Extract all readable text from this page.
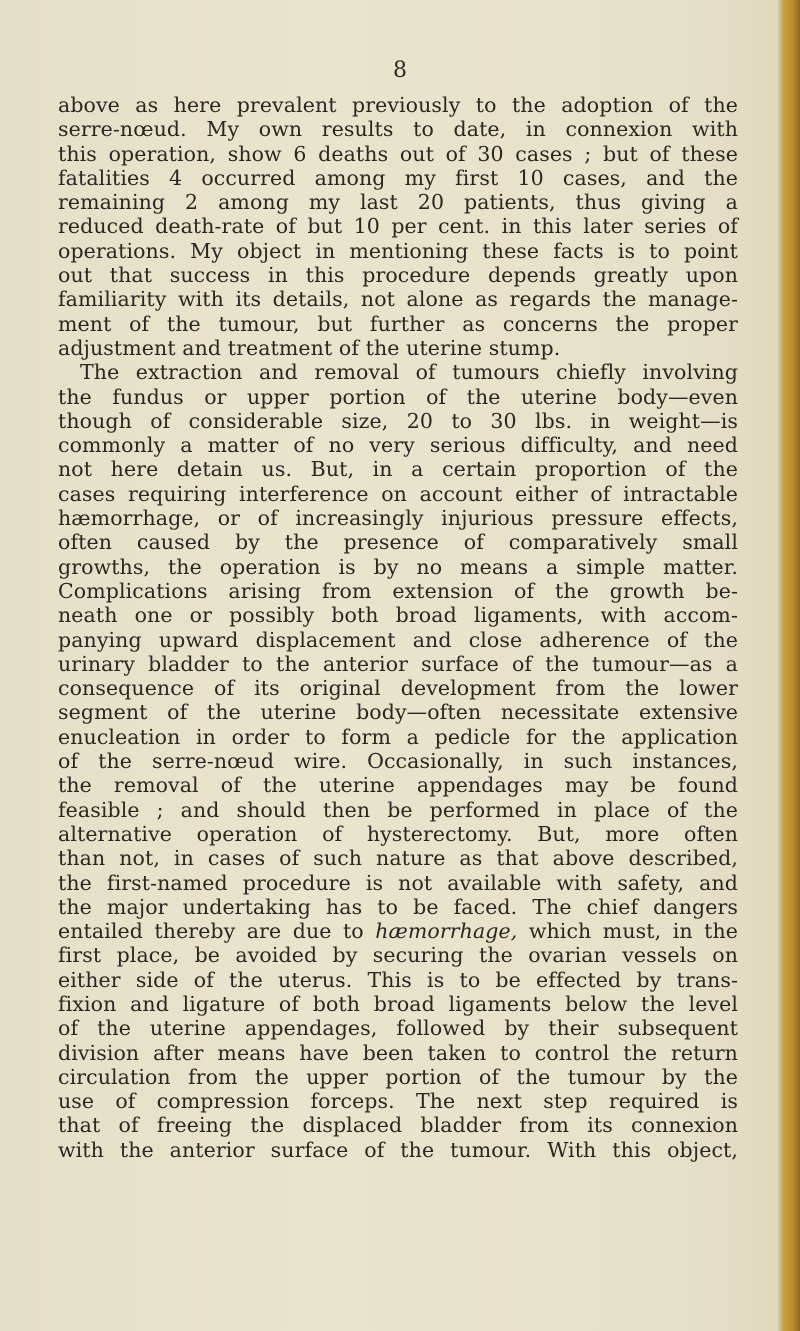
8
above as here prevalent previously to the adoption of the
serre-nœud. My own results to date, in connexion with
this operation, show 6 deaths out of 30 cases ; but of these
fatalities 4 occurred among my first 10 cases, and the
remaining 2 among my last 20 patients, thus giving a
reduced death-rate of but 10 per cent. in this later series of
operations. My object in mentioning these facts is to point
out that success in this procedure depends greatly upon
familiarity with its details, not alone as regards the manage-
ment of the tumour, but further as concerns the proper
adjustment and treatment of the uterine stump.
The extraction and removal of tumours chiefly involving
the fundus or upper portion of the uterine body—even
though of considerable size, 20 to 30 lbs. in weight—is
commonly a matter of no very serious difficulty, and need
not here detain us. But, in a certain proportion of the
cases requiring interference on account either of intractable
hæmorrhage, or of increasingly injurious pressure effects,
often caused by the presence of comparatively small
growths, the operation is by no means a simple matter.
Complications arising from extension of the growth be-
neath one or possibly both broad ligaments, with accom-
panying upward displacement and close adherence of the
urinary bladder to the anterior surface of the tumour—as a
consequence of its original development from the lower
segment of the uterine body—often necessitate extensive
enucleation in order to form a pedicle for the application
of the serre-nœud wire. Occasionally, in such instances,
the removal of the uterine appendages may be found
feasible ; and should then be performed in place of the
alternative operation of hysterectomy. But, more often
than not, in cases of such nature as that above described,
the first-named procedure is not available with safety, and
the major undertaking has to be faced. The chief dangers
entailed thereby are due to hæmorrhage, which must, in the
first place, be avoided by securing the ovarian vessels on
either side of the uterus. This is to be effected by trans-
fixion and ligature of both broad ligaments below the level
of the uterine appendages, followed by their subsequent
division after means have been taken to control the return
circulation from the upper portion of the tumour by the
use of compression forceps. The next step required is
that of freeing the displaced bladder from its connexion
with the anterior surface of the tumour. With this object,
